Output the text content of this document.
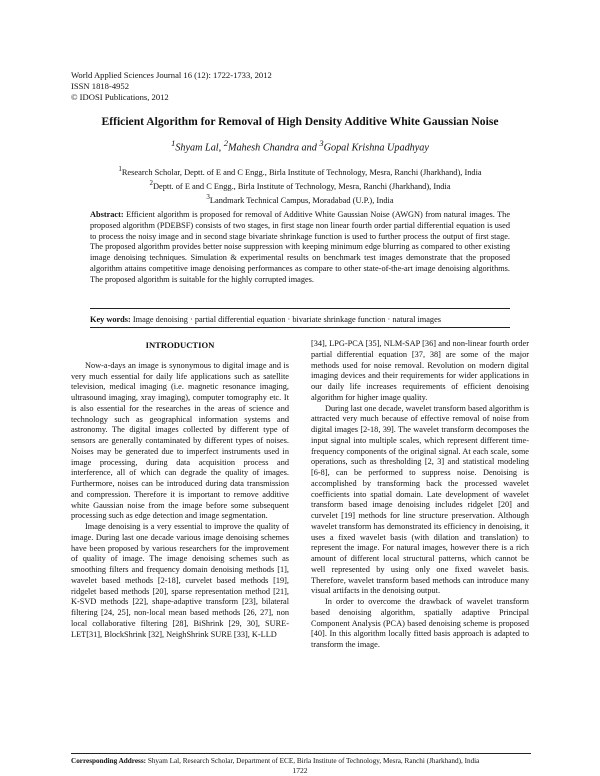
World Applied Sciences Journal 16 (12): 1722-1733, 2012
ISSN 1818-4952
© IDOSI Publications, 2012
Efficient Algorithm for Removal of High Density Additive White Gaussian Noise
$^1$Shyam Lal, $^2$Mahesh Chandra and $^3$Gopal Krishna Upadhyay
$^1$Research Scholar, Deptt. of E and C Engg., Birla Institute of Technology, Mesra, Ranchi (Jharkhand), India
$^2$Deptt. of E and C Engg., Birla Institute of Technology, Mesra, Ranchi (Jharkhand), India
$^3$Landmark Technical Campus, Moradabad (U.P.), India
Abstract: Efficient algorithm is proposed for removal of Additive White Gaussian Noise (AWGN) from natural images. The proposed algorithm (PDEBSF) consists of two stages, in first stage non linear fourth order partial differential equation is used to process the noisy image and in second stage bivariate shrinkage function is used to further process the output of first stage. The proposed algorithm provides better noise suppression with keeping minimum edge blurring as compared to other existing image denoising techniques. Simulation & experimental results on benchmark test images demonstrate that the proposed algorithm attains competitive image denoising performances as compare to other state-of-the-art image denoising algorithms. The proposed algorithm is suitable for the highly corrupted images.
Key words: Image denoising · partial differential equation · bivariate shrinkage function · natural images
INTRODUCTION

Now-a-days an image is synonymous to digital image and is very much essential for daily life applications such as satellite television, medical imaging (i.e. magnetic resonance imaging, ultrasound imaging, xray imaging), computer tomography etc. It is also essential for the researches in the areas of science and technology such as geographical information systems and astronomy. The digital images collected by different type of sensors are generally contaminated by different types of noises. Noises may be generated due to imperfect instruments used in image processing, during data acquisition process and interference, all of which can degrade the quality of images. Furthermore, noises can be introduced during data transmission and compression. Therefore it is important to remove additive white Gaussian noise from the image before some subsequent processing such as edge detection and image segmentation.

Image denoising is a very essential to improve the quality of image. During last one decade various image denoising schemes have been proposed by various researchers for the improvement of quality of image. The image denoising schemes such as smoothing filters and frequency domain denoising methods [1], wavelet based methods [2-18], curvelet based methods [19], ridgelet based methods [20], sparse representation method [21], K-SVD methods [22], shape-adaptive transform [23], bilateral filtering [24, 25], non-local mean based methods [26, 27], non local collaborative filtering [28], BiShrink [29, 30], SURE-LET[31], BlockShrink [32], NeighShrink SURE [33], K-LLD

[34], LPG-PCA [35], NLM-SAP [36] and non-linear fourth order partial differential equation [37, 38] are some of the major methods used for noise removal. Revolution on modern digital imaging devices and their requirements for wider applications in our daily life increases requirements of efficient denoising algorithm for higher image quality.

During last one decade, wavelet transform based algorithm is attracted very much because of effective removal of noise from digital images [2-18, 39]. The wavelet transform decomposes the input signal into multiple scales, which represent different time-frequency components of the original signal. At each scale, some operations, such as thresholding [2, 3] and statistical modeling [6-8], can be performed to suppress noise. Denoising is accomplished by transforming back the processed wavelet coefficients into spatial domain. Late development of wavelet transform based image denoising includes ridgelet [20] and curvelet [19] methods for line structure preservation. Although wavelet transform has demonstrated its efficiency in denoising, it uses a fixed wavelet basis (with dilation and translation) to represent the image. For natural images, however there is a rich amount of different local structural patterns, which cannot be well represented by using only one fixed wavelet basis. Therefore, wavelet transform based methods can introduce many visual artifacts in the denoising output.

In order to overcome the drawback of wavelet transform based denoising algorithm, spatially adaptive Principal Component Analysis (PCA) based denoising scheme is proposed [40]. In this algorithm locally fitted basis approach is adapted to transform the image.

Corresponding Address: Shyam Lal, Research Scholar, Department of ECE, Birla Institute of Technology, Mesra, Ranchi (Jharkhand), India
1722
